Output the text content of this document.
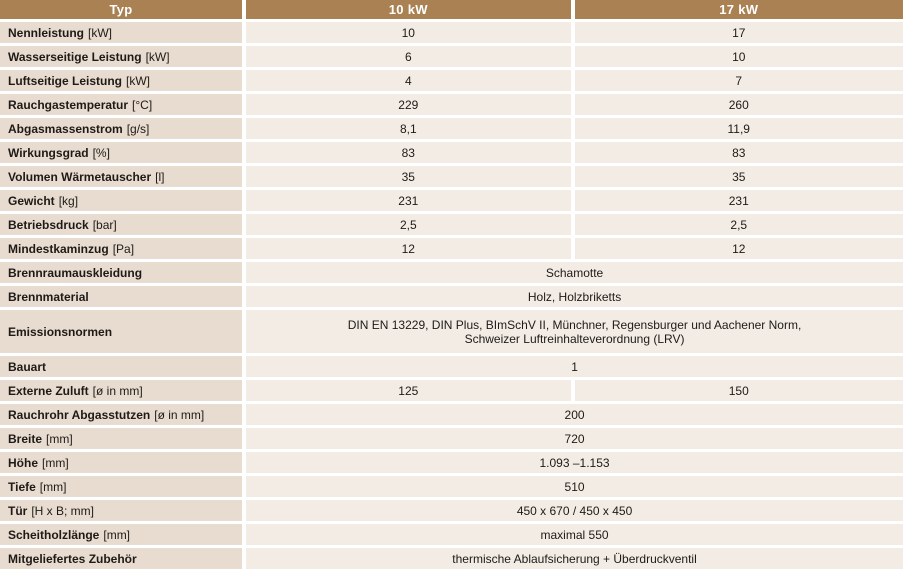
Typ	10 kW	17 kW
Nennleistung [kW]	10	17
Wasserseitige Leistung [kW]	6	10
Luftseitige Leistung [kW]	4	7
Rauchgastemperatur [°C]	229	260
Abgasmassenstrom [g/s]	8,1	11,9
Wirkungsgrad [%]	83	83
Volumen Wärmetauscher [l]	35	35
Gewicht [kg]	231	231
Betriebsdruck [bar]	2,5	2,5
Mindestkaminzug [Pa]	12	12
Brennraumauskleidung	Schamotte	
Brennmaterial	Holz, Holzbriketts	
Emissionsnormen	DIN EN 13229, DIN Plus, BImSchV II, Münchner, Regensburger und Aachener Norm,
Schweizer Luftreinhalteverordnung (LRV)	

Bauart	1	
Externe Zuluft [ø in mm]	125	150
Rauchrohr Abgasstutzen [ø in mm]	200	
Breite [mm]	720	
Höhe [mm]	1.093 –1.153	
Tiefe [mm]	510	
Tür [H x B; mm]	450 x 670 / 450 x 450	
Scheitholzlänge [mm]	maximal 550	
Mitgeliefertes Zubehör	thermische Ablaufsicherung + Überdruckventil	
